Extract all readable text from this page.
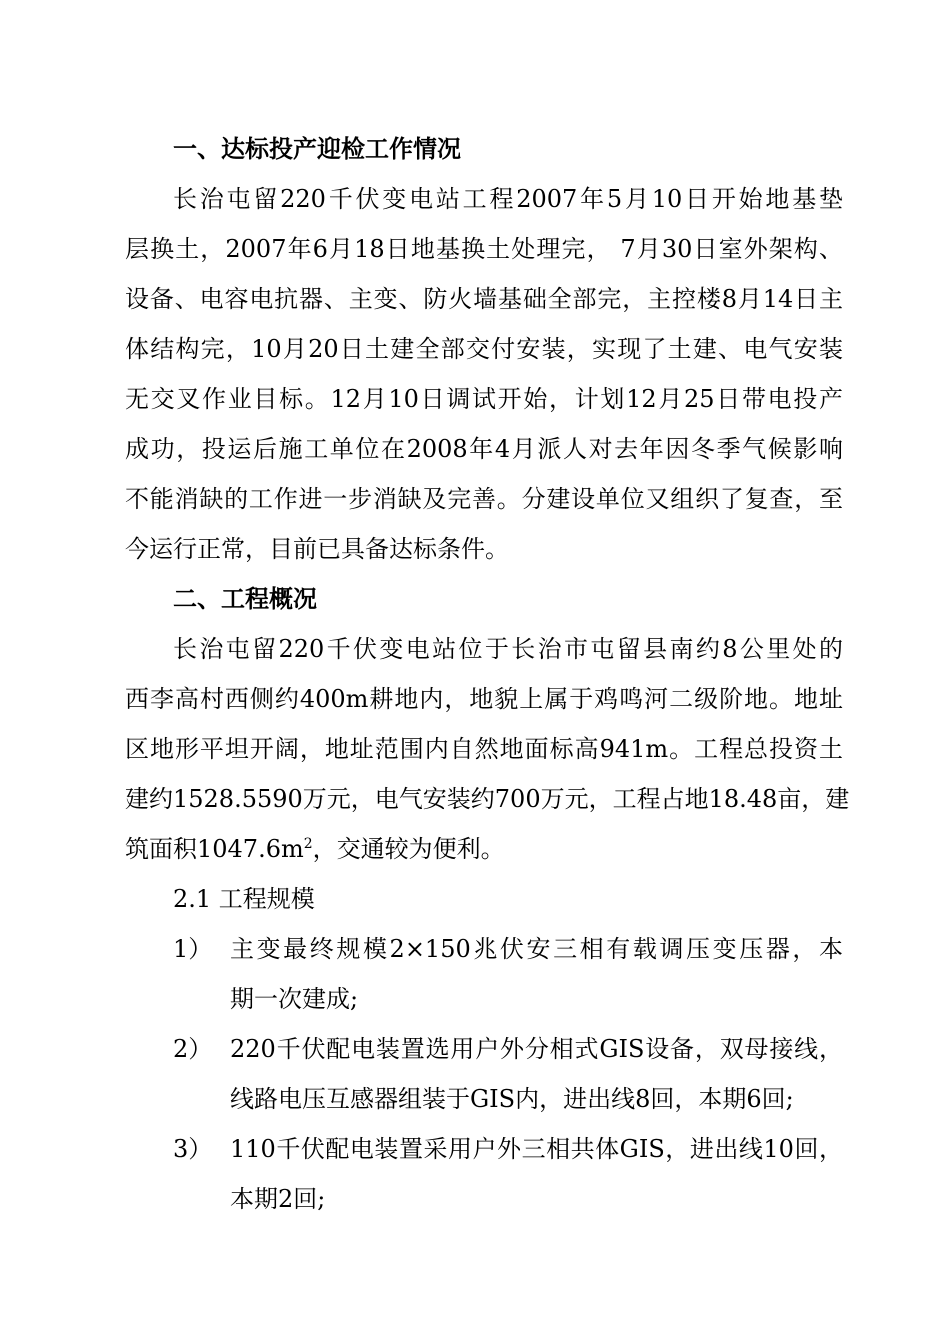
一、达标投产迎检工作情况

长治屯留220千伏变电站工程2007年5月10日开始地基垫
层换土，2007年6月18日地基换土处理完， 7月30日室外架构、
设备、电容电抗器、主变、防火墙基础全部完，主控楼8月14日主
体结构完，10月20日土建全部交付安装，实现了土建、电气安装
无交叉作业目标。12月10日调试开始，计划12月25日带电投产
成功，投运后施工单位在2008年4月派人对去年因冬季气候影响
不能消缺的工作进一步消缺及完善。分建设单位又组织了复查，至
今运行正常，目前已具备达标条件。

二、工程概况

长治屯留220千伏变电站位于长治市屯留县南约8公里处的
西李高村西侧约400m耕地内，地貌上属于鸡鸣河二级阶地。地址
区地形平坦开阔，地址范围内自然地面标高941m。工程总投资土
建约1528.5590万元，电气安装约700万元，工程占地18.48亩，建
筑面积$1047.6m^2$，交通较为便利。

2.1 工程规模
1） 主变最终规模2×150兆伏安三相有载调压变压器，本
期一次建成;
2） 220千伏配电装置选用户外分相式GIS设备，双母接线，
线路电压互感器组装于GIS内，进出线8回，本期6回;
3） 110千伏配电装置采用户外三相共体GIS，进出线10回，
本期2回;
